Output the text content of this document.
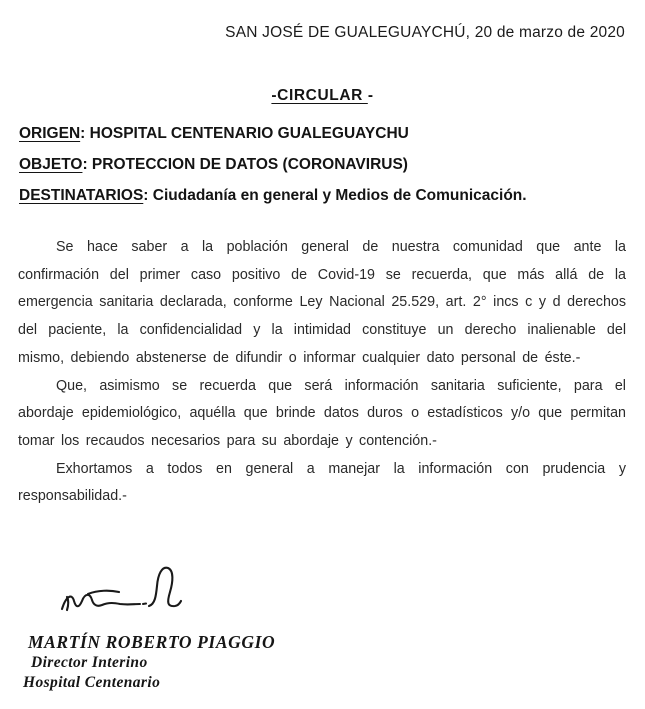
SAN JOSÉ DE GUALEGUAYCHÚ, 20 de marzo de 2020
-CIRCULAR -
ORIGEN: HOSPITAL CENTENARIO GUALEGUAYCHU
OBJETO: PROTECCION DE DATOS (CORONAVIRUS)
DESTINATARIOS: Ciudadanía en general y Medios de Comunicación.

Se hace saber a la población general de nuestra comunidad que ante la confirmación del primer caso positivo de Covid-19 se recuerda, que más allá de la emergencia sanitaria declarada, conforme Ley Nacional 25.529, art. 2° incs c y d derechos del paciente, la confidencialidad y la intimidad constituye un derecho inalienable del mismo, debiendo abstenerse de difundir o informar cualquier dato personal de éste.-

Que, asimismo se recuerda que será información sanitaria suficiente, para el abordaje epidemiológico, aquélla que brinde datos duros o estadísticos y/o que permitan tomar los recaudos necesarios para su abordaje y contención.-

Exhortamos a todos en general a manejar la información con prudencia y responsabilidad.-

MARTÍN ROBERTO PIAGGIO
Director Interino
Hospital Centenario
